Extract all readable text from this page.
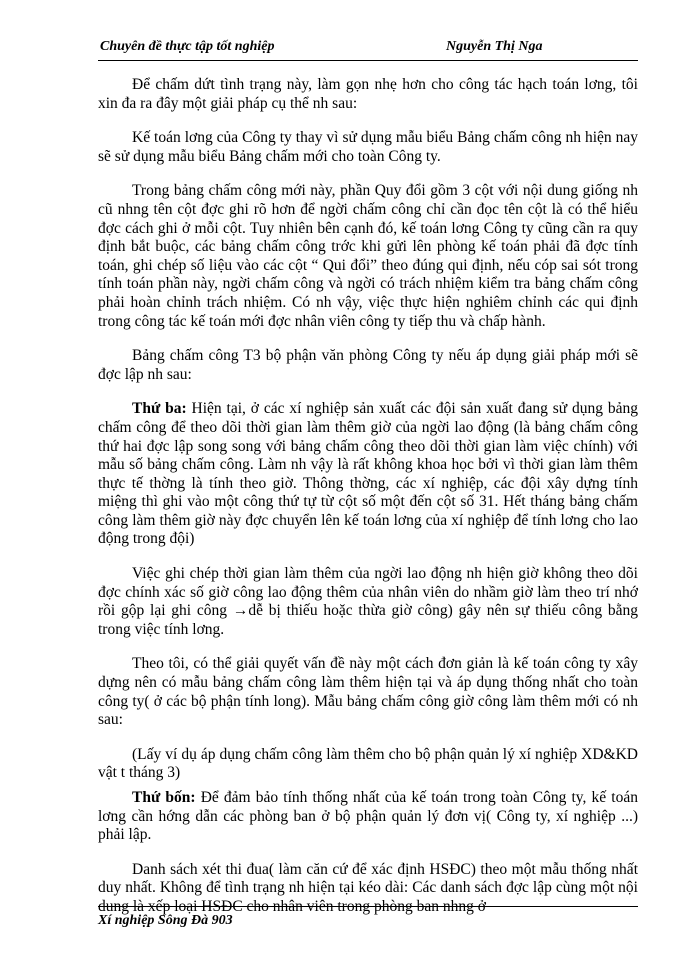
Chuyên đề thực tập tốt nghiệp	Nguyễn Thị Nga

Để chấm dứt tình trạng này, làm gọn nhẹ hơn cho công tác hạch toán lơng, tôi xin đa ra đây một giải pháp cụ thể nh sau:

Kế toán lơng của Công ty thay vì sử dụng mẫu biểu Bảng chấm công nh hiện nay sẽ sử dụng mẫu biểu Bảng chấm mới cho toàn Công ty.

Trong bảng chấm công mới này, phần Quy đổi gồm 3 cột với nội dung giống nh cũ nhng tên cột đợc ghi rõ hơn để ngời chấm công chỉ cần đọc tên cột là có thể hiểu đợc cách ghi ở mỗi cột. Tuy nhiên bên cạnh đó, kế toán lơng Công ty cũng cần ra quy định bắt buộc, các bảng chấm công trớc khi gửi lên phòng kế toán phải đã đợc tính toán, ghi chép số liệu vào các cột “ Qui đổi” theo đúng qui định, nếu cóp sai sót trong tính toán phần này, ngời chấm công và ngời có trách nhiệm kiểm tra bảng chấm công phải hoàn chỉnh trách nhiệm. Có nh vậy, việc thực hiện nghiêm chỉnh các qui định trong công tác kế toán mới đợc nhân viên công ty tiếp thu và chấp hành.

Bảng chấm công T3 bộ phận văn phòng Công ty nếu áp dụng giải pháp mới sẽ đợc lập nh sau:

Thứ ba: Hiện tại, ở các xí nghiệp sản xuất các đội sản xuất đang sử dụng bảng chấm công để theo dõi thời gian làm thêm giờ của ngời lao động (là bảng chấm công thứ hai đợc lập song song với bảng chấm công theo dõi thời gian làm việc chính) với mẫu số bảng chấm công. Làm nh vậy là rất không khoa học bởi vì thời gian làm thêm thực tế thờng là tính theo giờ. Thông thờng, các xí nghiệp, các đội xây dựng tính miệng thì ghi vào một công thứ tự từ cột số một đến cột số 31. Hết tháng bảng chấm công làm thêm giờ này đợc chuyển lên kế toán lơng của xí nghiệp để tính lơng cho lao động trong đội)

Việc ghi chép thời gian làm thêm của ngời lao động nh hiện giờ không theo dõi đợc chính xác số giờ công lao động thêm của nhân viên do nhầm giờ làm theo trí nhớ rồi gộp lại ghi công →dễ bị thiếu hoặc thừa giờ công) gây nên sự thiếu công bằng trong việc tính lơng.

Theo tôi, có thể giải quyết vấn đề này một cách đơn giản là kế toán công ty xây dựng nên có mẫu bảng chấm công làm thêm hiện tại và áp dụng thống nhất cho toàn công ty( ở các bộ phận tính long). Mẫu bảng chấm công giờ công làm thêm mới có nh sau:

(Lấy ví dụ áp dụng chấm công làm thêm cho bộ phận quản lý xí nghiệp XD&KD vật t tháng 3)

Thứ bốn: Để đảm bảo tính thống nhất của kế toán trong toàn Công ty, kế toán lơng cần hớng dẫn các phòng ban ở bộ phận quản lý đơn vị( Công ty, xí nghiệp ...) phải lập.

Danh sách xét thi đua( làm căn cứ để xác định HSĐC) theo một mẫu thống nhất duy nhất. Không để tình trạng nh hiện tại kéo dài: Các danh sách đợc lập cùng một nội dung là xếp loại HSĐC cho nhân viên trong phòng ban nhng ở

Xí nghiệp Sông Đà 903
